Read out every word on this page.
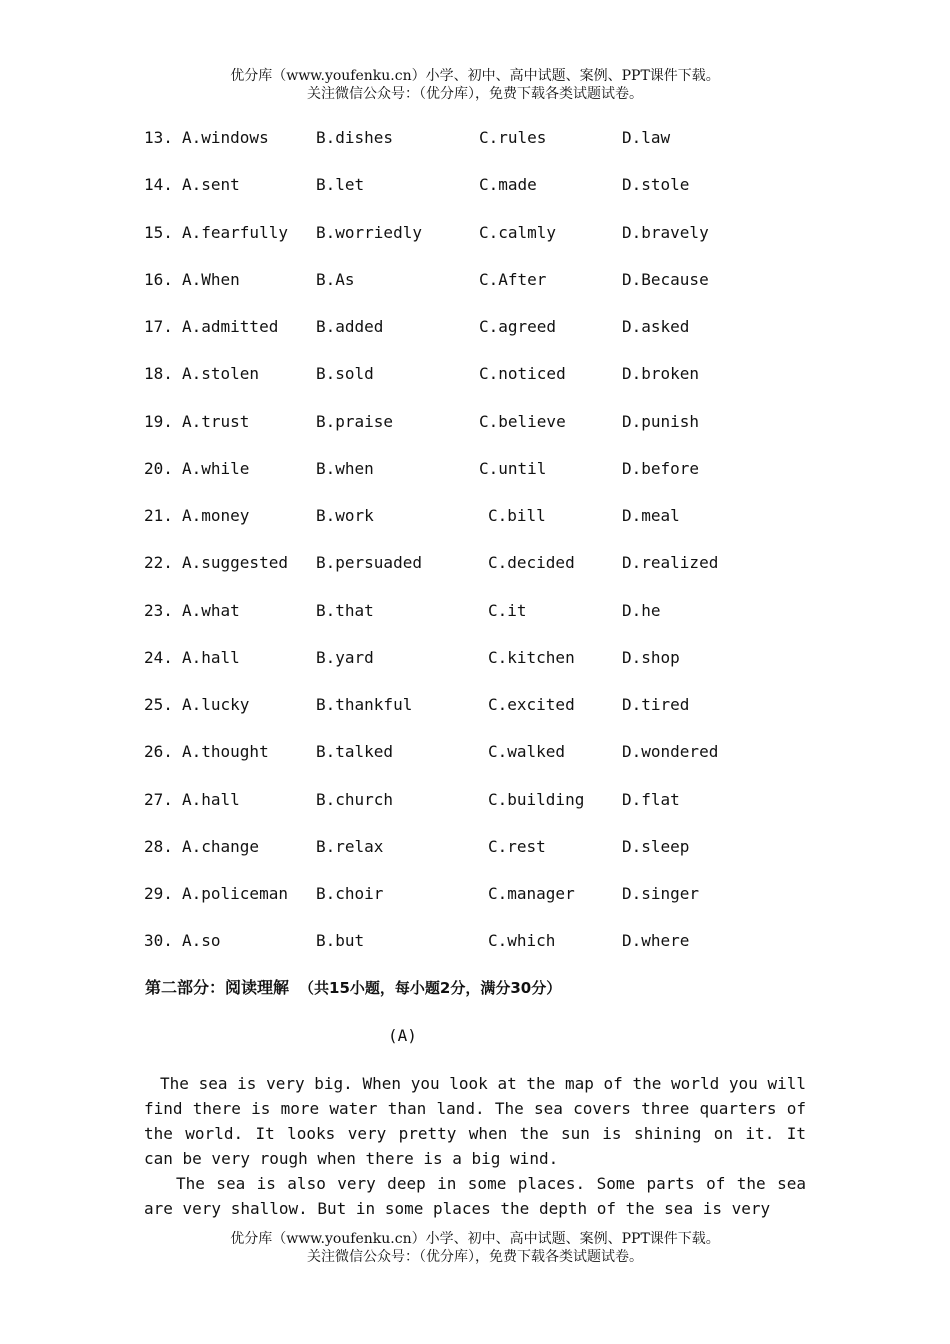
优分库（www.youfenku.cn）小学、初中、高中试题、案例、PPT课件下载。
关注微信公众号：（优分库），免费下载各类试题试卷。
13. A.windows	B.dishes	C.rules	D.law
14. A.sent	B.let	C.made	D.stole
15. A.fearfully B.worriedly	C.calmly	D.bravely
16. A.When	B.As	C.After	D.Because
17. A.admitted B.added	C.agreed	D.asked
18. A.stolen	B.sold	C.noticed	D.broken
19. A.trust	B.praise	C.believe	D.punish
20. A.while	B.when	C.until	D.before
21. A.money	B.work	C.bill	D.meal
22. A.suggested B.persuaded	C.decided	D.realized
23. A.what	B.that	C.it	D.he
24. A.hall	B.yard	C.kitchen	D.shop
25. A.lucky	B.thankful	C.excited	D.tired
26. A.thought	B.talked	C.walked	D.wondered
27. A.hall	B.church	C.building D.flat
28. A.change	B.relax	C.rest	D.sleep
29. A.policeman B.choir	C.manager	D.singer
30. A.so	B.but	C.which	D.where
第二部分：阅读理解 （共15小题，每小题2分，满分30分）
(A)

The sea is very big. When you look at the map of the world you will find there is more water than land. The sea covers three quarters of the world. It looks very pretty when the sun is shining on it. It can be very rough when there is a big wind.

The sea is also very deep in some places. Some parts of the sea are very shallow. But in some places the depth of the sea is very

优分库（www.youfenku.cn）小学、初中、高中试题、案例、PPT课件下载。
关注微信公众号：（优分库），免费下载各类试题试卷。
